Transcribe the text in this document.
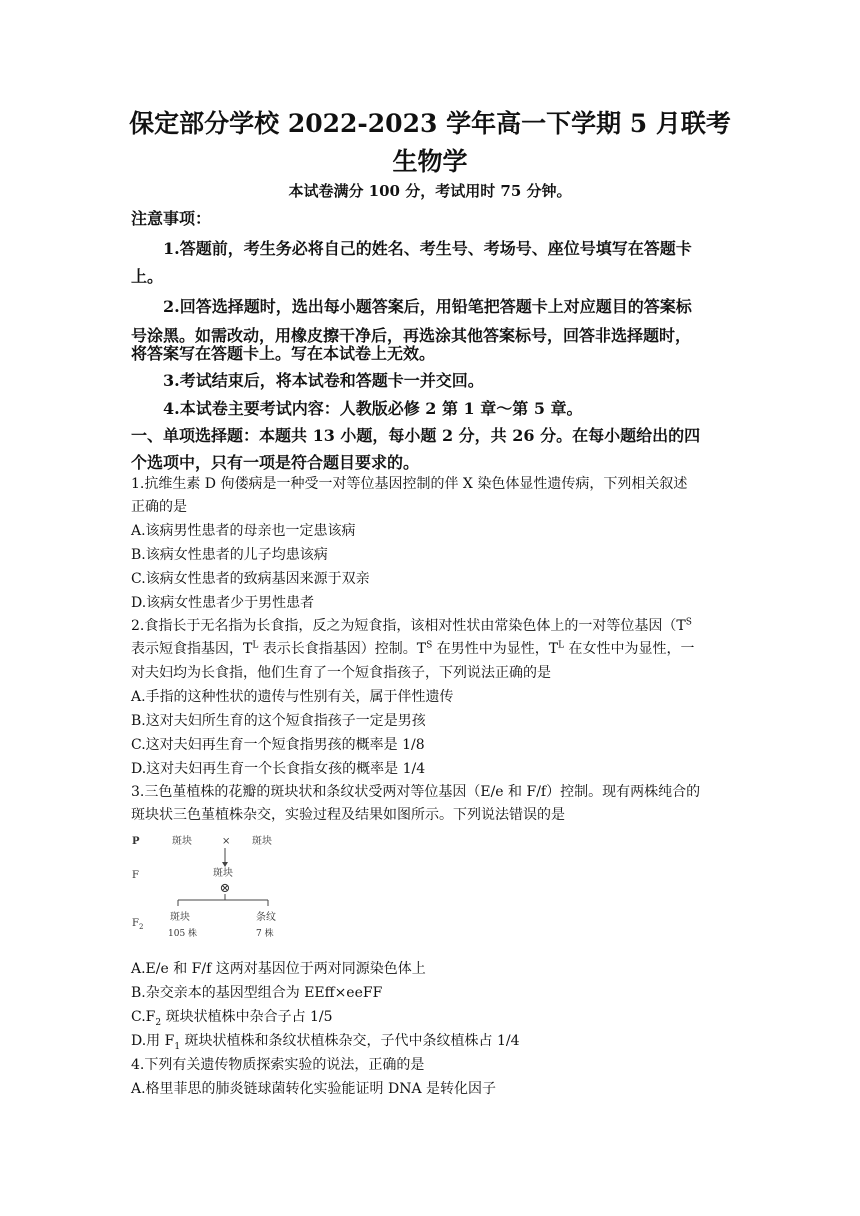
保定部分学校 2022-2023 学年高一下学期 5 月联考
生物学
本试卷满分 100 分，考试用时 75 分钟。
注意事项：
1.答题前，考生务必将自己的姓名、考生号、考场号、座位号填写在答题卡
上。
2.回答选择题时，选出每小题答案后，用铅笔把答题卡上对应题目的答案标
号涂黑。如需改动，用橡皮擦干净后，再选涂其他答案标号，回答非选择题时，
将答案写在答题卡上。写在本试卷上无效。
3.考试结束后，将本试卷和答题卡一并交回。
4.本试卷主要考试内容：人教版必修 2 第 1 章～第 5 章。
一、单项选择题：本题共 13 小题，每小题 2 分，共 26 分。在每小题给出的四
个选项中，只有一项是符合题目要求的。
1.抗维生素 D 佝偻病是一种受一对等位基因控制的伴 X 染色体显性遗传病，下列相关叙述
正确的是
A.该病男性患者的母亲也一定患该病
B.该病女性患者的儿子均患该病
C.该病女性患者的致病基因来源于双亲
D.该病女性患者少于男性患者
2.食指长于无名指为长食指，反之为短食指，该相对性状由常染色体上的一对等位基因（$T^S$
表示短食指基因，$T^L$ 表示长食指基因）控制。$T^S$ 在男性中为显性，$T^L$ 在女性中为显性，一
对夫妇均为长食指，他们生育了一个短食指孩子，下列说法正确的是
A.手指的这种性状的遗传与性别有关，属于伴性遗传
B.这对夫妇所生育的这个短食指孩子一定是男孩
C.这对夫妇再生育一个短食指男孩的概率是 1/8
D.这对夫妇再生育一个长食指女孩的概率是 1/4
3.三色堇植株的花瓣的斑块状和条纹状受两对等位基因（E/e 和 F/f）控制。现有两株纯合的
斑块状三色堇植株杂交，实验过程及结果如图所示。下列说法错误的是
P	斑块	× 斑块
F	斑块
⊗
$F_2$
斑块
105 株
条纹
7 株
A.E/e 和 F/f 这两对基因位于两对同源染色体上
B.杂交亲本的基因型组合为 EEff×eeFF
$C.F_2$ 斑块状植株中杂合子占 1/5
D.用 $F_1$ 斑块状植株和条纹状植株杂交，子代中条纹植株占 1/4
4.下列有关遗传物质探索实验的说法，正确的是
A.格里菲思的肺炎链球菌转化实验能证明 DNA 是转化因子
